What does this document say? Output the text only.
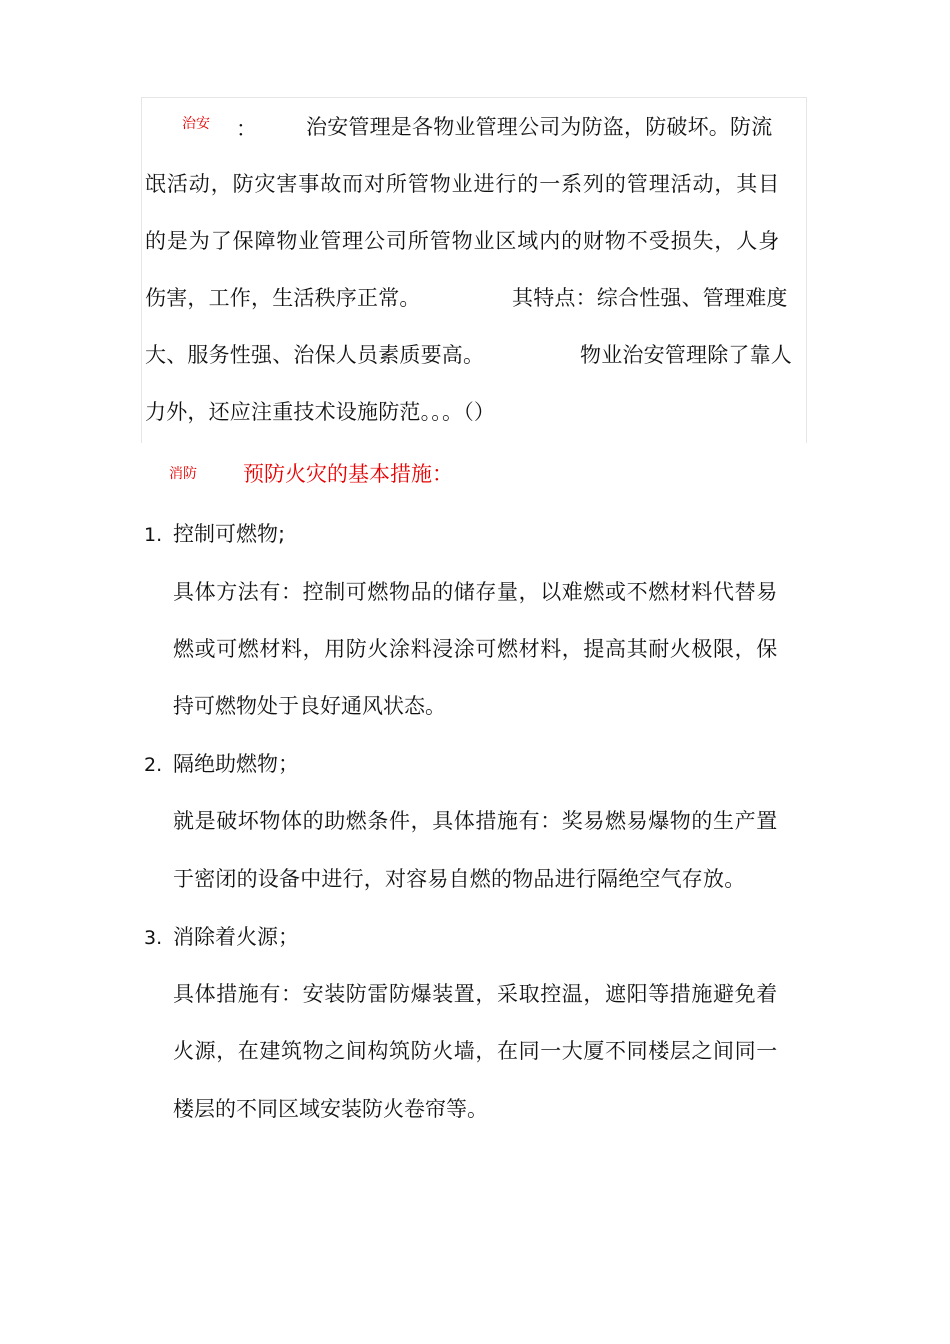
治安 ： 治安管理是各物业管理公司为防盗，防破坏。防流
氓活动，防灾害事故而对所管物业进行的一系列的管理活动，其目
的是为了保障物业管理公司所管物业区域内的财物不受损失，人身
伤害，工作，生活秩序正常。	其特点：综合性强、管理难度
大、服务性强、治保人员素质要高。	物业治安管理除了靠人
力外，还应注重技术设施防范。。。（）
消防 预防火灾的基本措施：
1. 控制可燃物;
具体方法有：控制可燃物品的储存量，以难燃或不燃材料代替易
燃或可燃材料，用防火涂料浸涂可燃材料，提高其耐火极限，保
持可燃物处于良好通风状态。
2. 隔绝助燃物；
就是破坏物体的助燃条件，具体措施有：奖易燃易爆物的生产置
于密闭的设备中进行，对容易自燃的物品进行隔绝空气存放。
3. 消除着火源；
具体措施有：安装防雷防爆装置，采取控温，遮阳等措施避免着
火源，在建筑物之间构筑防火墙，在同一大厦不同楼层之间同一
楼层的不同区域安装防火卷帘等。
